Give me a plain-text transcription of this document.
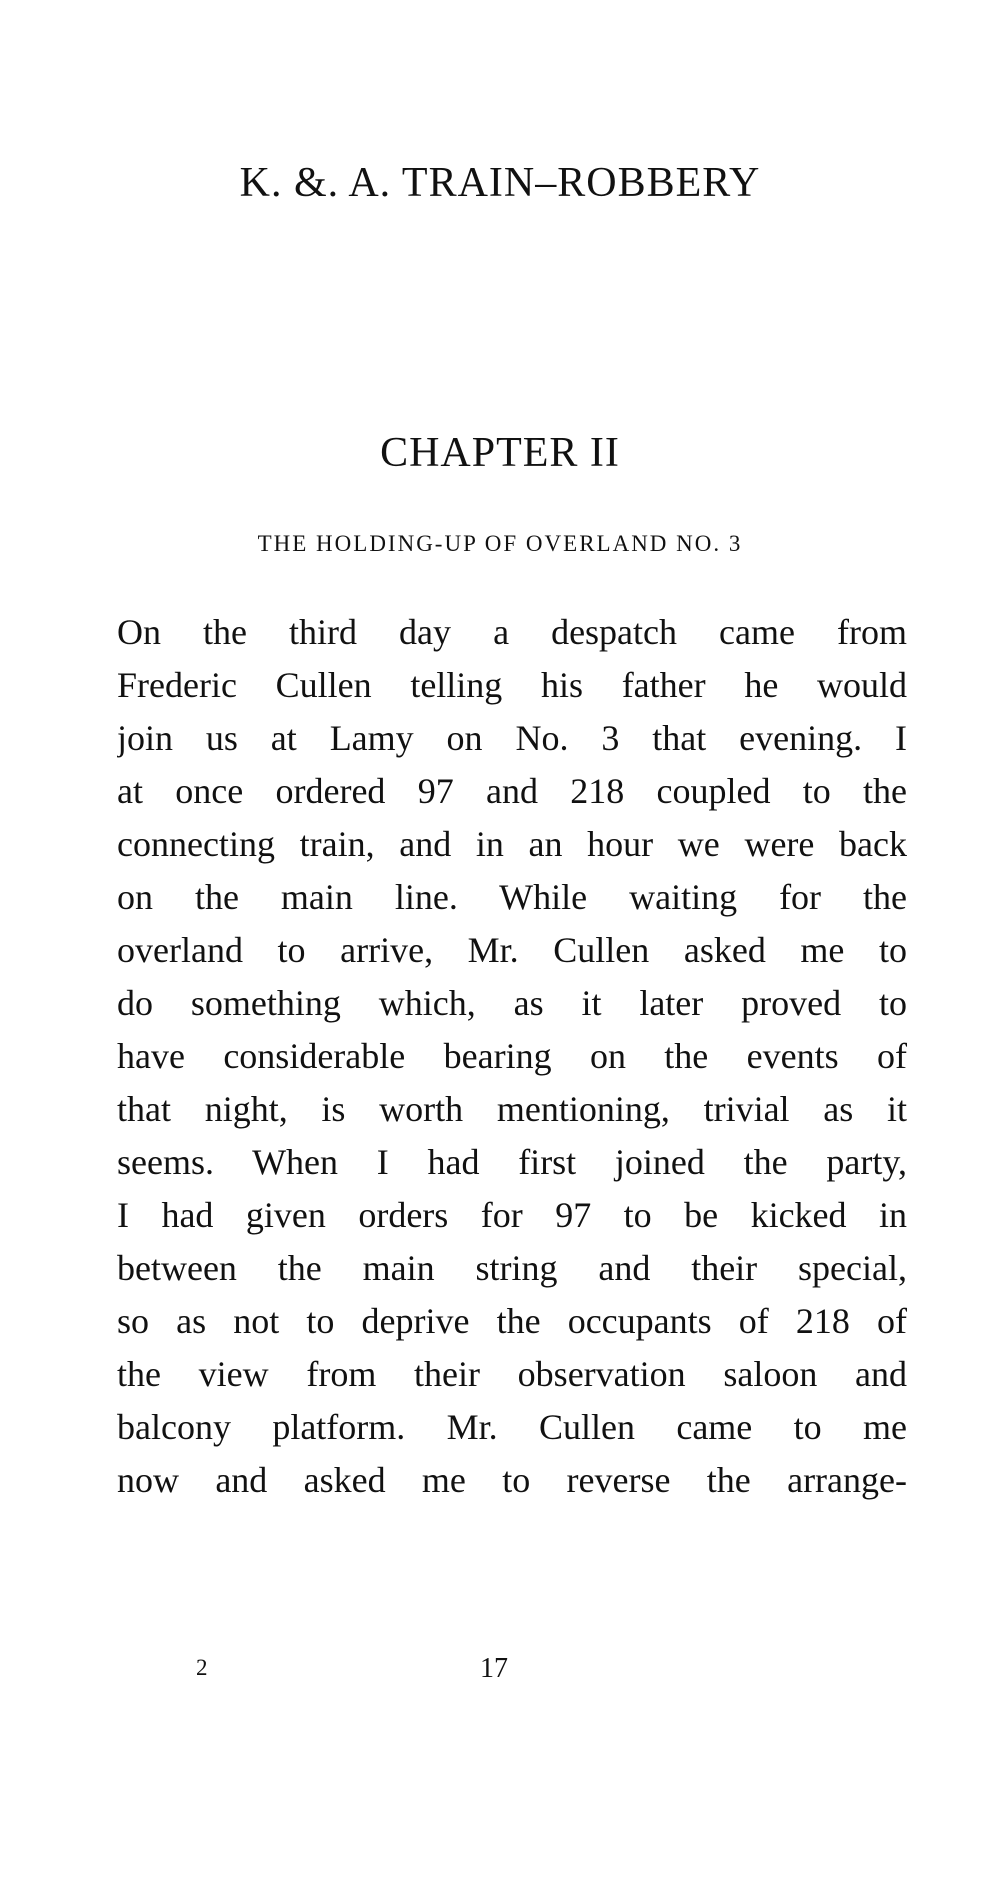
K. &. A. TRAIN–ROBBERY
CHAPTER II
THE HOLDING-UP OF OVERLAND NO. 3
On the third day a despatch came from
Frederic Cullen telling his father he would
join us at Lamy on No. 3 that evening. I
at once ordered 97 and 218 coupled to the
connecting train, and in an hour we were back
on the main line. While waiting for the
overland to arrive, Mr. Cullen asked me to
do something which, as it later proved to
have considerable bearing on the events of
that night, is worth mentioning, trivial as it
seems. When I had first joined the party,
I had given orders for 97 to be kicked in
between the main string and their special,
so as not to deprive the occupants of 218 of
the view from their observation saloon and
balcony platform. Mr. Cullen came to me
now and asked me to reverse the arrange-
2	17
